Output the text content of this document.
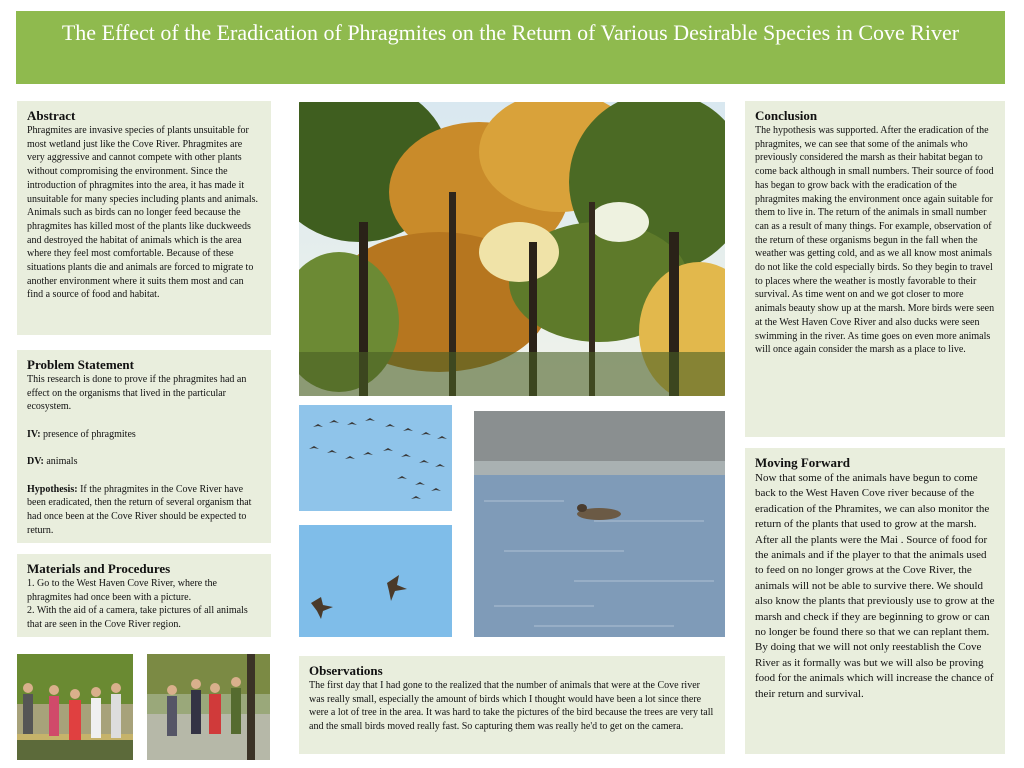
The Effect of the Eradication of Phragmites on the Return of Various Desirable Species in Cove River
Abstract

Phragmites are invasive species of plants unsuitable for most wetland just like the Cove River. Phragmites are very aggressive and cannot compete with other plants without compromising the environment. Since the introduction of phragmites into the area, it has made it unsuitable for many species including plants and animals. Animals such as birds can no longer feed because the phragmites has killed most of the plants like duckweeds and destroyed the habitat of animals which is the area where they feel most comfortable. Because of these situations plants die and animals are forced to migrate to another environment where it suits them most and can find a source of food and habitat.

Problem Statement

This research is done to prove if the phragmites had an effect on the organisms that lived in the particular ecosystem.

IV: presence of phragmites

DV: animals

Hypothesis: If the phragmites in the Cove River have been eradicated, then the return of several organism that had once been at the Cove River should be expected to return.

Materials and Procedures

1. Go to the West Haven Cove River, where the phragmites had once been with a picture.

2. With the aid of a camera, take pictures of all animals that are seen in the Cove River region.

Observations

The first day that I had gone to the realized that the number of animals that were at the Cove river was really small, especially the amount of birds which I thought would have been a lot since there were a lot of tree in the area. It was hard to take the pictures of the bird because the trees are very tall and the small birds moved really fast. So capturing them was really he'd to get on the camera.

Conclusion

The hypothesis was supported. After the eradication of the phragmites, we can see that some of the animals who previously considered the marsh as their habitat began to come back although in small numbers. Their source of food has began to grow back with the eradication of the phragmites making the environment once again suitable for them to live in. The return of the animals in small number can as a result of many things. For example, observation of the return of these organisms begun in the fall when the weather was getting cold, and as we all know most animals do not like the cold especially birds. So they begin to travel to places where the weather is mostly favorable to their survival. As time went on and we got closer to more animals beauty show up at the marsh. More birds were seen at the West Haven Cove River and also ducks were seen swimming in the river. As time goes on even more animals will once again consider the marsh as a place to live.

Moving Forward

Now that some of the animals have begun to come back to the West Haven Cove river because of the eradication of the Phramites, we can also monitor the return of the plants that used to grow at the marsh. After all the plants were the Mai . Source of food for the animals and if the player to that the animals used to feed on no longer grows at the Cove River, the animals will not be able to survive there. We should also know the plants that previously use to grow at the marsh and check if they are beginning to grow or can no longer be found there so that we can replant them. By doing that we will not only reestablish the Cove River as it formally was but we will also be proving food for the animals which will increase the chance of their return and survival.
